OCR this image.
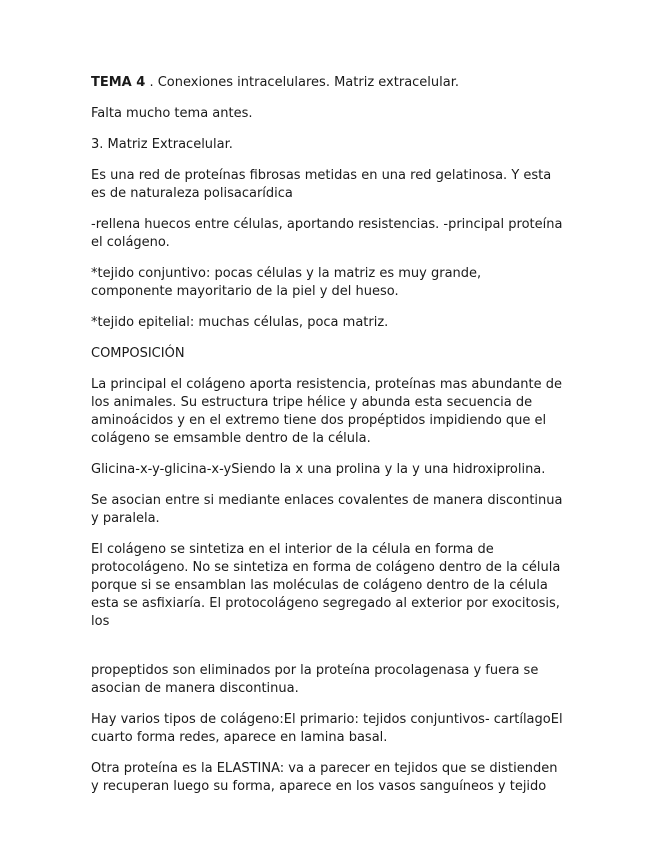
TEMA 4 . Conexiones intracelulares. Matriz extracelular.

Falta mucho tema antes.

3. Matriz Extracelular.

Es una red de proteínas fibrosas metidas en una red gelatinosa. Y esta es de naturaleza polisacarídica

-rellena huecos entre células, aportando resistencias. -principal proteína el colágeno.

*tejido conjuntivo: pocas células y la matriz es muy grande, componente mayoritario de la piel y del hueso.

*tejido epitelial: muchas células, poca matriz.

COMPOSICIÓN

La principal el colágeno aporta resistencia, proteínas mas abundante de los animales. Su estructura tripe hélice y abunda esta secuencia de aminoácidos y en el extremo tiene dos propéptidos impidiendo que el colágeno se emsamble dentro de la célula.

Glicina-x-y-glicina-x-ySiendo la x una prolina y la y una hidroxiprolina.

Se asocian entre si mediante enlaces covalentes de manera discontinua y paralela.

El colágeno se sintetiza en el interior de la célula en forma de protocolágeno. No se sintetiza en forma de colágeno dentro de la célula porque si se ensamblan las moléculas de colágeno dentro de la célula esta se asfixiaría. El protocolágeno segregado al exterior por exocitosis, los

propeptidos son eliminados por la proteína procolagenasa y fuera se asocian de manera discontinua.

Hay varios tipos de colágeno:El primario: tejidos conjuntivos- cartílagoEl cuarto forma redes, aparece en lamina basal.

Otra proteína es la ELASTINA: va a parecer en tejidos que se distienden y recuperan luego su forma, aparece en los vasos sanguíneos y tejido
